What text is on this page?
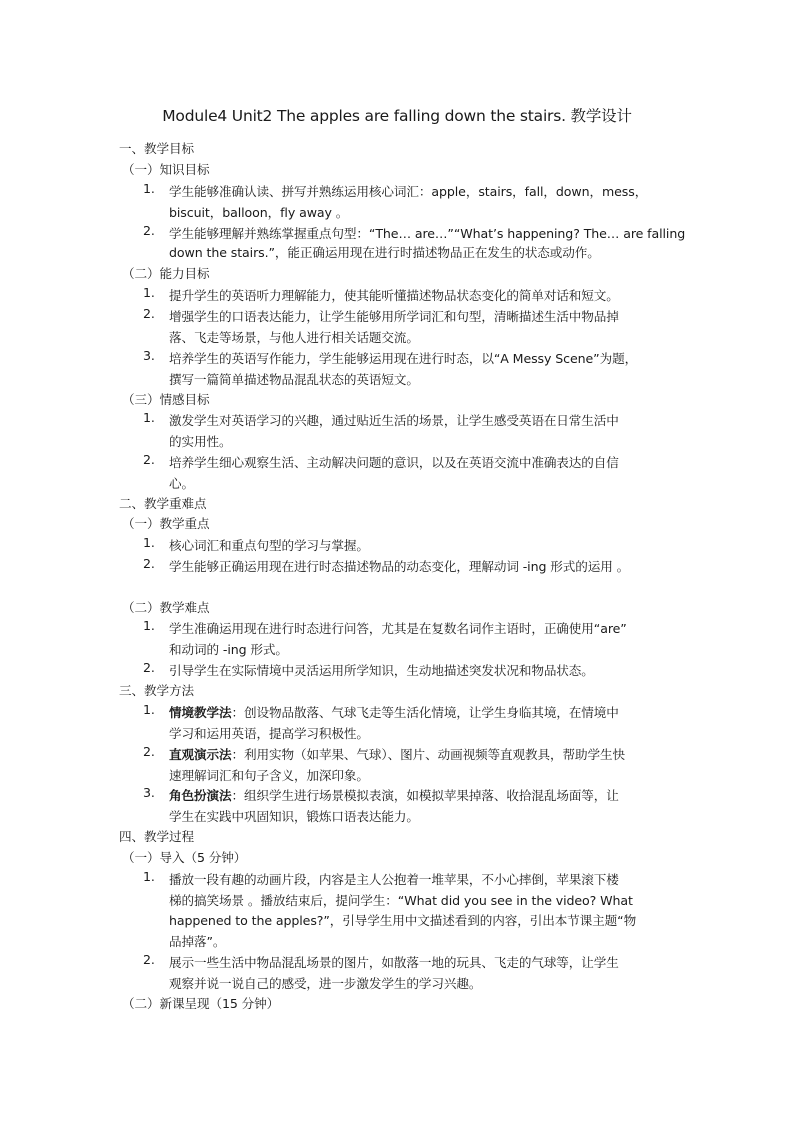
Module4 Unit2 The apples are falling down the stairs. 教学设计
一、教学目标
（一）知识目标
1. 学生能够准确认读、拼写并熟练运用核心词汇：apple，stairs，fall，down，mess，
biscuit，balloon，fly away 。
2. 学生能够理解并熟练掌握重点句型：“The… are…”“What’s happening? The… are falling
down the stairs.”，能正确运用现在进行时描述物品正在发生的状态或动作。
（二）能力目标
1. 提升学生的英语听力理解能力，使其能听懂描述物品状态变化的简单对话和短文。
2. 增强学生的口语表达能力，让学生能够用所学词汇和句型，清晰描述生活中物品掉
落、飞走等场景，与他人进行相关话题交流。
3. 培养学生的英语写作能力，学生能够运用现在进行时态，以“A Messy Scene”为题，
撰写一篇简单描述物品混乱状态的英语短文。
（三）情感目标
1. 激发学生对英语学习的兴趣，通过贴近生活的场景，让学生感受英语在日常生活中
的实用性。
2. 培养学生细心观察生活、主动解决问题的意识，以及在英语交流中准确表达的自信
心。
二、教学重难点
（一）教学重点
1. 核心词汇和重点句型的学习与掌握。
2. 学生能够正确运用现在进行时态描述物品的动态变化，理解动词 -ing 形式的运用 。
（二）教学难点
1. 学生准确运用现在进行时态进行问答，尤其是在复数名词作主语时，正确使用“are”
和动词的 -ing 形式。
2. 引导学生在实际情境中灵活运用所学知识，生动地描述突发状况和物品状态。
三、教学方法
1. 情境教学法：创设物品散落、气球飞走等生活化情境，让学生身临其境，在情境中
学习和运用英语，提高学习积极性。
2. 直观演示法：利用实物（如苹果、气球）、图片、动画视频等直观教具，帮助学生快
速理解词汇和句子含义，加深印象。
3. 角色扮演法：组织学生进行场景模拟表演，如模拟苹果掉落、收拾混乱场面等，让
学生在实践中巩固知识，锻炼口语表达能力。
四、教学过程
（一）导入（5 分钟）
1. 播放一段有趣的动画片段，内容是主人公抱着一堆苹果，不小心摔倒，苹果滚下楼
梯的搞笑场景 。播放结束后，提问学生：“What did you see in the video? What
happened to the apples?”，引导学生用中文描述看到的内容，引出本节课主题“物
品掉落”。
2. 展示一些生活中物品混乱场景的图片，如散落一地的玩具、飞走的气球等，让学生
观察并说一说自己的感受，进一步激发学生的学习兴趣。
（二）新课呈现（15 分钟）
